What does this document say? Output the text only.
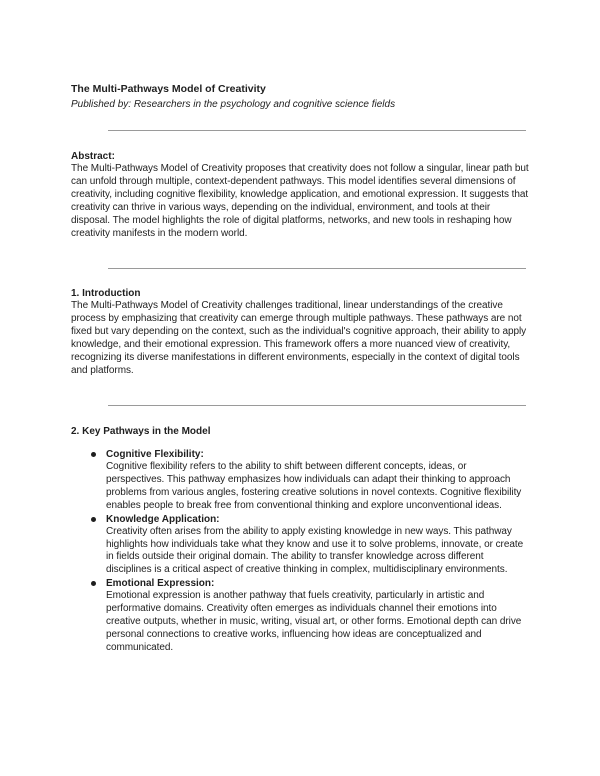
The Multi-Pathways Model of Creativity

Published by: Researchers in the psychology and cognitive science fields

Abstract:

The Multi-Pathways Model of Creativity proposes that creativity does not follow a singular, linear path but can unfold through multiple, context-dependent pathways. This model identifies several dimensions of creativity, including cognitive flexibility, knowledge application, and emotional expression. It suggests that creativity can thrive in various ways, depending on the individual, environment, and tools at their disposal. The model highlights the role of digital platforms, networks, and new tools in reshaping how creativity manifests in the modern world.

1. Introduction

The Multi-Pathways Model of Creativity challenges traditional, linear understandings of the creative process by emphasizing that creativity can emerge through multiple pathways. These pathways are not fixed but vary depending on the context, such as the individual's cognitive approach, their ability to apply knowledge, and their emotional expression. This framework offers a more nuanced view of creativity, recognizing its diverse manifestations in different environments, especially in the context of digital tools and platforms.

2. Key Pathways in the Model

Cognitive Flexibility:
Cognitive flexibility refers to the ability to shift between different concepts, ideas, or perspectives. This pathway emphasizes how individuals can adapt their thinking to approach problems from various angles, fostering creative solutions in novel contexts. Cognitive flexibility enables people to break free from conventional thinking and explore unconventional ideas.
Knowledge Application:
Creativity often arises from the ability to apply existing knowledge in new ways. This pathway highlights how individuals take what they know and use it to solve problems, innovate, or create in fields outside their original domain. The ability to transfer knowledge across different disciplines is a critical aspect of creative thinking in complex, multidisciplinary environments.
Emotional Expression:
Emotional expression is another pathway that fuels creativity, particularly in artistic and performative domains. Creativity often emerges as individuals channel their emotions into creative outputs, whether in music, writing, visual art, or other forms. Emotional depth can drive personal connections to creative works, influencing how ideas are conceptualized and communicated.
